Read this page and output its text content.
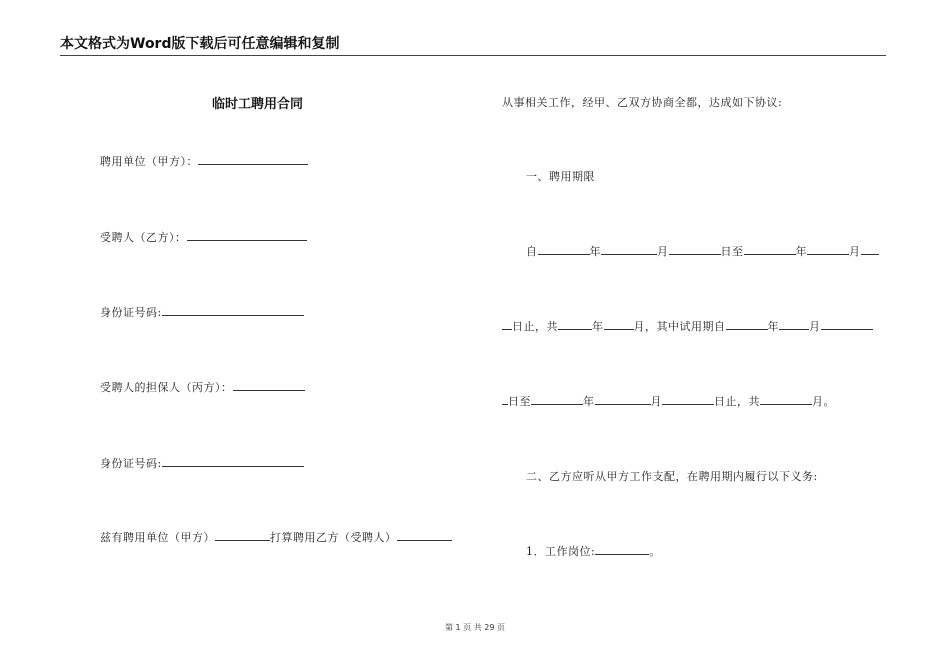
本文格式为Word版下载后可任意编辑和复制
临时工聘用合同
聘用单位（甲方）：
受聘人（乙方）：
身份证号码:
受聘人的担保人（丙方）：
身份证号码:
兹有聘用单位（甲方）	打算聘用乙方（受聘人）
从事相关工作，经甲、乙双方协商全都，达成如下协议:
一、聘用期限
自	年	月	日至	年	月
日止，共	年	月，其中试用期自	年	月
日至	年	月	日止，共	月。
二、乙方应听从甲方工作支配，在聘用期内履行以下义务:
1．工作岗位:	。
第 1 页 共 29 页
